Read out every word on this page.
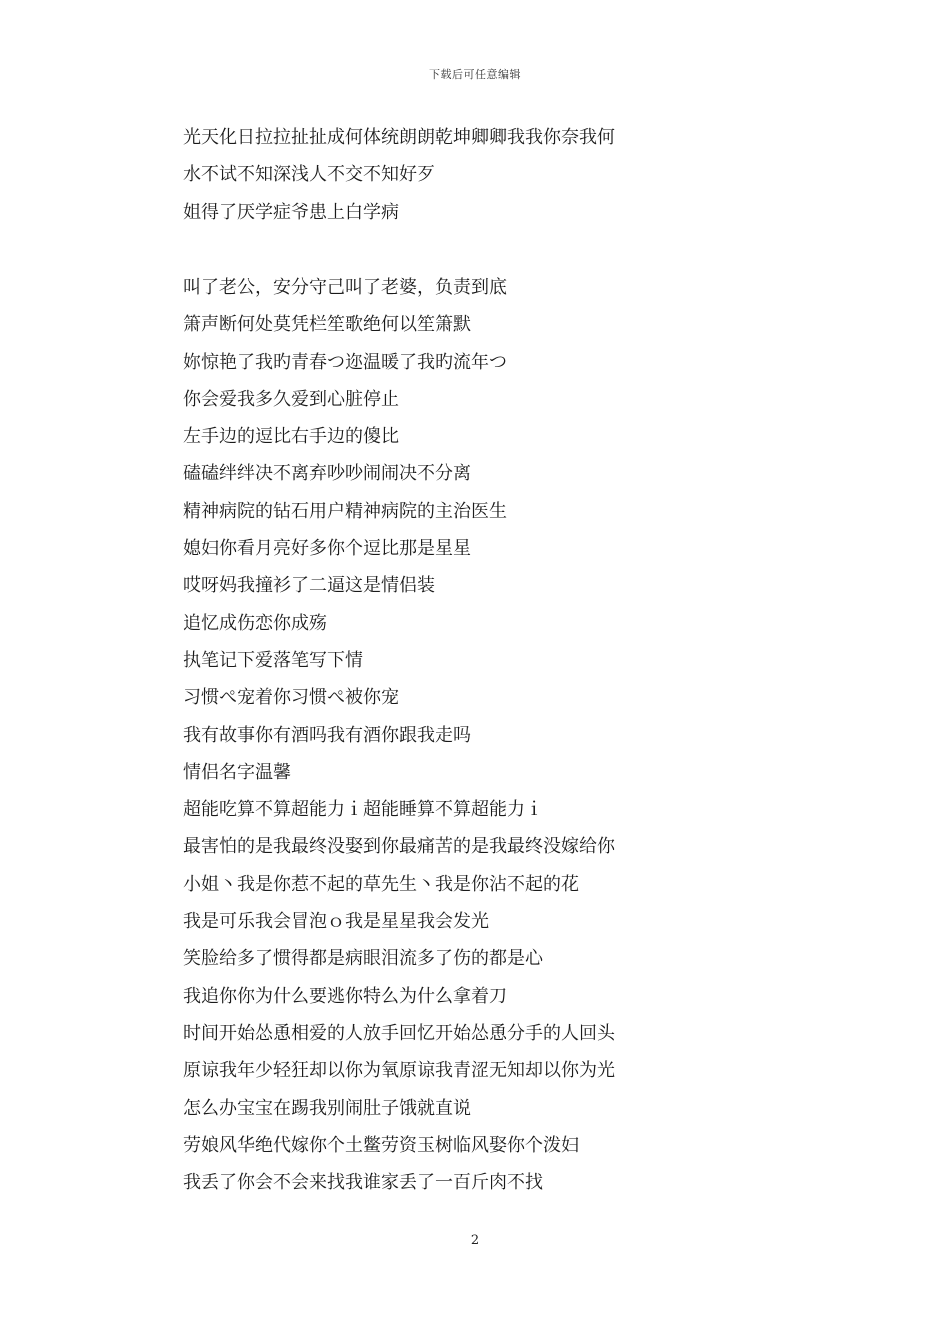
下载后可任意编辑
光天化日拉拉扯扯成何体统朗朗乾坤卿卿我我你奈我何
水不试不知深浅人不交不知好歹
姐得了厌学症爷患上白学病
叫了老公，安分守己叫了老婆，负责到底
箫声断何处莫凭栏笙歌绝何以笙箫默
妳惊艳了我旳青春つ迩温暖了我旳流年つ
你会爱我多久爱到心脏停止
左手边的逗比右手边的傻比
磕磕绊绊决不离弃吵吵闹闹决不分离
精神病院的钻石用户精神病院的主治医生
媳妇你看月亮好多你个逗比那是星星
哎呀妈我撞衫了二逼这是情侣装
追忆成伤恋你成殇
执笔记下爱落笔写下情
习惯ぺ宠着你习惯ぺ被你宠
我有故事你有酒吗我有酒你跟我走吗
情侣名字温馨
超能吃算不算超能力ｉ超能睡算不算超能力ｉ
最害怕的是我最终没娶到你最痛苦的是我最终没嫁给你
小姐丶我是你惹不起的草先生丶我是你沾不起的花
我是可乐我会冒泡ｏ我是星星我会发光
笑脸给多了惯得都是病眼泪流多了伤的都是心
我追你你为什么要逃你特么为什么拿着刀
时间开始怂恿相爱的人放手回忆开始怂恿分手的人回头
原谅我年少轻狂却以你为氧原谅我青涩无知却以你为光
怎么办宝宝在踢我别闹肚子饿就直说
劳娘风华绝代嫁你个土鳖劳资玉树临风娶你个泼妇
我丢了你会不会来找我谁家丢了一百斤肉不找
2
